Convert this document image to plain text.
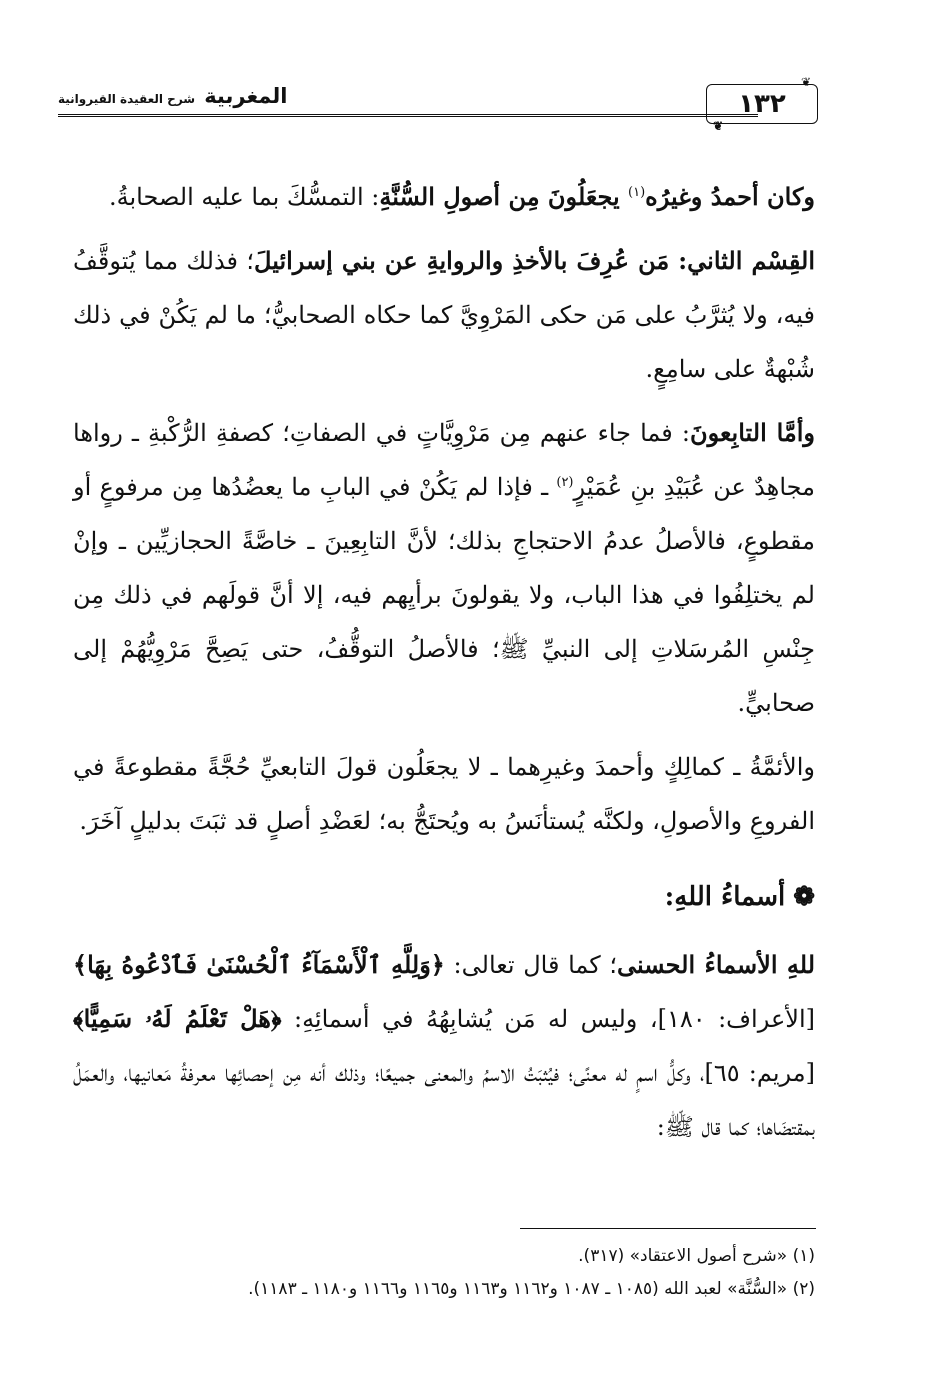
المغربية شرح العقيدة القيروانية
❦
١٣٢
❦

وكان أحمدُ وغيرُه$^{(١)}$ يجعَلُونَ مِن أصولِ السُّنَّةِ: التمسُّكَ بما عليه الصحابةُ.

القِسْم الثاني: مَن عُرِفَ بالأخذِ والروايةِ عن بني إسرائيلَ؛ فذلك مما يُتوقَّفُ فيه، ولا يُثرَّبُ على مَن حكى المَرْوِيَّ كما حكاه الصحابيُّ؛ ما لم يَكُنْ في ذلك شُبْهةٌ على سامِعٍ.

وأمَّا التابِعونَ: فما جاء عنهم مِن مَرْوِيَّاتٍ في الصفاتِ؛ كصفةِ الرُّكْبةِ ـ رواها مجاهِدٌ عن عُبَيْدِ بنِ عُمَيْرٍ$^{(٢)}$ ـ فإذا لم يَكُنْ في البابِ ما يعضُدُها مِن مرفوعٍ أو مقطوعٍ، فالأصلُ عدمُ الاحتجاجِ بذلك؛ لأنَّ التابِعِينَ ـ خاصَّةً الحجازيِّين ـ وإنْ لم يختلِفُوا في هذا الباب، ولا يقولونَ برأيِهم فيه، إلا أنَّ قولَهم في ذلك مِن جِنْسِ المُرسَلاتِ إلى النبيِّ ﷺ؛ فالأصلُ التوقُّفُ، حتى يَصِحَّ مَرْوِيُّهُمْ إلى صحابيٍّ.

والأئمَّةُ ـ كمالِكٍ وأحمدَ وغيرِهما ـ لا يجعَلُون قولَ التابعيِّ حُجَّةً مقطوعةً في الفروعِ والأصولِ، ولكنَّه يُستأنَسُ به ويُحتَجُّ به؛ لعَضْدِ أصلٍ قد ثبَتَ بدليلٍ آخَرَ.

❁أسماءُ اللهِ:

للهِ الأسماءُ الحسنى؛ كما قال تعالى: ﴿وَلِلَّهِ ٱلْأَسْمَآءُ ٱلْحُسْنَىٰ فَٱدْعُوهُ بِهَا﴾ [الأعراف: ١٨٠]، وليس له مَن يُشابِهُهُ في أسمائِهِ: ﴿هَلْ تَعْلَمُ لَهُۥ سَمِيًّا﴾ [مريم: ٦٥]، وكلُّ اسمٍ له معنًى؛ فيُثبَتُ الاسمُ والمعنى جميعًا؛ وذلك أنه مِن إحصائِها معرفةُ مَعانيها، والعمَلُ بمقتضَاها؛ كما قال ﷺ:

(١) «شرح أصول الاعتقاد» (٣١٧).
(٢) «السُّنَّة» لعبد الله (١٠٨٥ ـ ١٠٨٧ و١١٦٢ و١١٦٣ و١١٦٥ و١١٦٦ و١١٨٠ ـ ١١٨٣).
